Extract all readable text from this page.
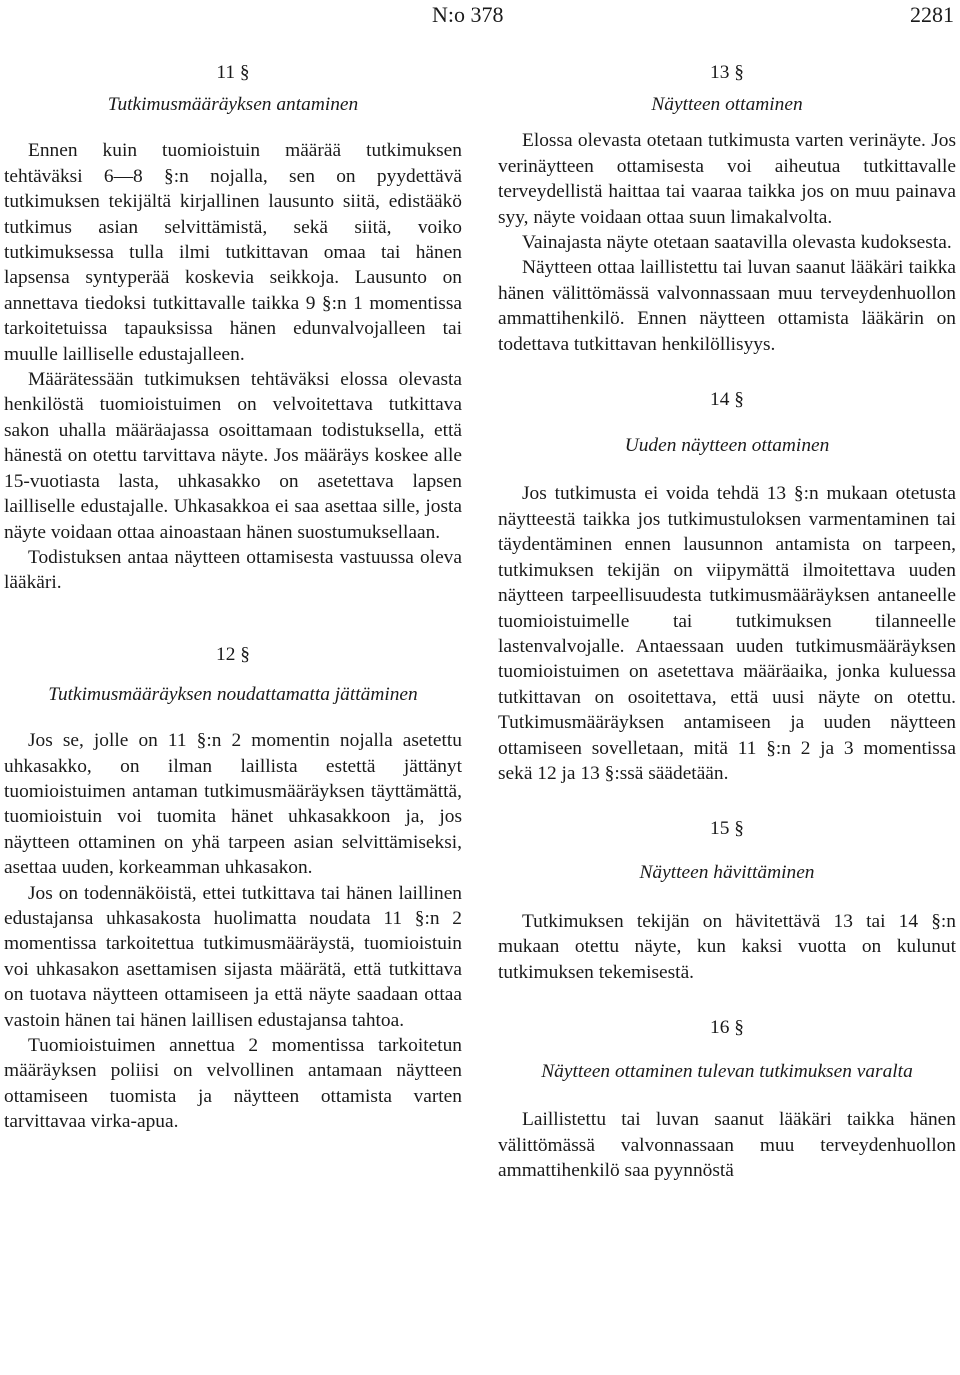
N:o 378	2281
11 §
Tutkimusmääräyksen antaminen

Ennen kuin tuomioistuin määrää tutkimuksen tehtäväksi 6—8 §:n nojalla, sen on pyydettävä tutkimuksen tekijältä kirjallinen lausunto siitä, edistääkö tutkimus asian selvittämistä, sekä siitä, voiko tutkimuksessa tulla ilmi tutkittavan omaa tai hänen lapsensa syntyperää koskevia seikkoja. Lausunto on annettava tiedoksi tutkittavalle taikka 9 §:n 1 momentissa tarkoitetuissa tapauksissa hänen edunvalvojalleen tai muulle lailliselle edustajalleen.

Määrätessään tutkimuksen tehtäväksi elossa olevasta henkilöstä tuomioistuimen on velvoitettava tutkittava sakon uhalla määräajassa osoittamaan todistuksella, että hänestä on otettu tarvittava näyte. Jos määräys koskee alle 15-vuotiasta lasta, uhkasakko on asetettava lapsen lailliselle edustajalle. Uhkasakkoa ei saa asettaa sille, josta näyte voidaan ottaa ainoastaan hänen suostumuksellaan.

Todistuksen antaa näytteen ottamisesta vastuussa oleva lääkäri.

12 §
Tutkimusmääräyksen noudattamatta jättäminen

Jos se, jolle on 11 §:n 2 momentin nojalla asetettu uhkasakko, on ilman laillista estettä jättänyt tuomioistuimen antaman tutkimusmääräyksen täyttämättä, tuomioistuin voi tuomita hänet uhkasakkoon ja, jos näytteen ottaminen on yhä tarpeen asian selvittämiseksi, asettaa uuden, korkeamman uhkasakon.

Jos on todennäköistä, ettei tutkittava tai hänen laillinen edustajansa uhkasakosta huolimatta noudata 11 §:n 2 momentissa tarkoitettua tutkimusmääräystä, tuomioistuin voi uhkasakon asettamisen sijasta määrätä, että tutkittava on tuotava näytteen ottamiseen ja että näyte saadaan ottaa vastoin hänen tai hänen laillisen edustajansa tahtoa.

Tuomioistuimen annettua 2 momentissa tarkoitetun määräyksen poliisi on velvollinen antamaan näytteen ottamiseen tuomista ja näytteen ottamista varten tarvittavaa virka-apua.

13 §
Näytteen ottaminen

Elossa olevasta otetaan tutkimusta varten verinäyte. Jos verinäytteen ottamisesta voi aiheutua tutkittavalle terveydellistä haittaa tai vaaraa taikka jos on muu painava syy, näyte voidaan ottaa suun limakalvolta.

Vainajasta näyte otetaan saatavilla olevasta kudoksesta.

Näytteen ottaa laillistettu tai luvan saanut lääkäri taikka hänen välittömässä valvonnassaan muu terveydenhuollon ammattihenkilö. Ennen näytteen ottamista lääkärin on todettava tutkittavan henkilöllisyys.

14 §
Uuden näytteen ottaminen

Jos tutkimusta ei voida tehdä 13 §:n mukaan otetusta näytteestä taikka jos tutkimustuloksen varmentaminen tai täydentäminen ennen lausunnon antamista on tarpeen, tutkimuksen tekijän on viipymättä ilmoitettava uuden näytteen tarpeellisuudesta tutkimusmääräyksen antaneelle tuomioistuimelle tai tutkimuksen tilanneelle lastenvalvojalle. Antaessaan uuden tutkimusmääräyksen tuomioistuimen on asetettava määräaika, jonka kuluessa tutkittavan on osoitettava, että uusi näyte on otettu. Tutkimusmääräyksen antamiseen ja uuden näytteen ottamiseen sovelletaan, mitä 11 §:n 2 ja 3 momentissa sekä 12 ja 13 §:ssä säädetään.

15 §
Näytteen hävittäminen

Tutkimuksen tekijän on hävitettävä 13 tai 14 §:n mukaan otettu näyte, kun kaksi vuotta on kulunut tutkimuksen tekemisestä.

16 §
Näytteen ottaminen tulevan tutkimuksen varalta

Laillistettu tai luvan saanut lääkäri taikka hänen välittömässä valvonnassaan muu terveydenhuollon ammattihenkilö saa pyynnöstä
